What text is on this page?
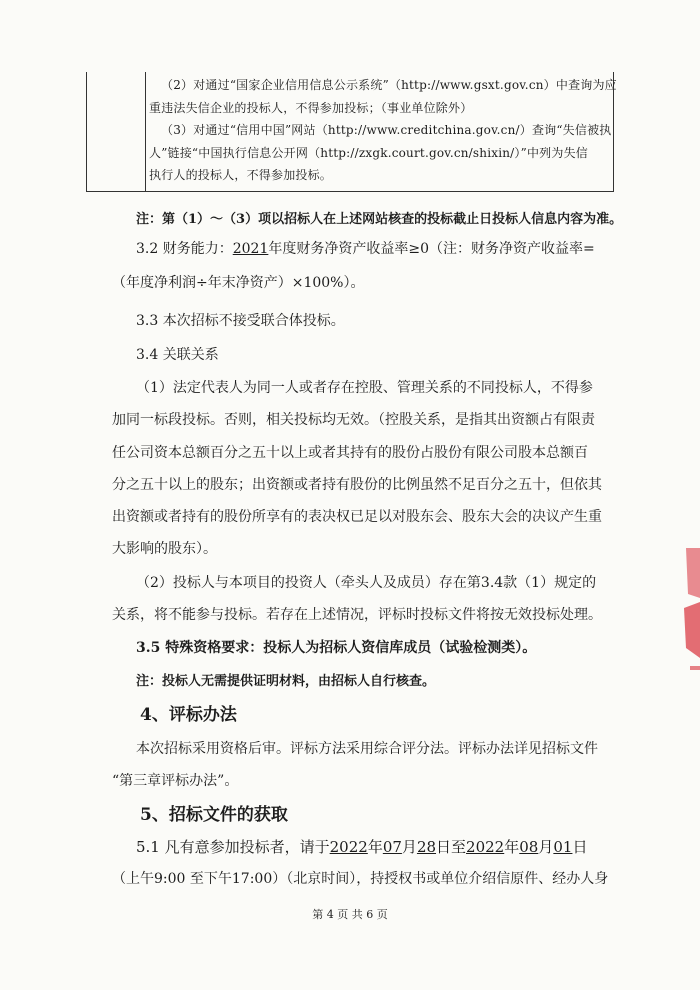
（2）对通过“国家企业信用信息公示系统”（http://www.gsxt.gov.cn）中查询为应
重违法失信企业的投标人，不得参加投标；（事业单位除外）
（3）对通过“信用中国”网站（http://www.creditchina.gov.cn/）查询“失信被执
人”链接“中国执行信息公开网（http://zxgk.court.gov.cn/shixin/）”中列为失信
执行人的投标人，不得参加投标。
注：第（1）～（3）项以招标人在上述网站核查的投标截止日投标人信息内容为准。
3.2 财务能力：2021年度财务净资产收益率≥0（注：财务净资产收益率=
（年度净利润÷年末净资产）×100%）。
3.3 本次招标不接受联合体投标。
3.4 关联关系
（1）法定代表人为同一人或者存在控股、管理关系的不同投标人，不得参
加同一标段投标。否则，相关投标均无效。（控股关系，是指其出资额占有限责
任公司资本总额百分之五十以上或者其持有的股份占股份有限公司股本总额百
分之五十以上的股东；出资额或者持有股份的比例虽然不足百分之五十，但依其
出资额或者持有的股份所享有的表决权已足以对股东会、股东大会的决议产生重
大影响的股东）。
（2）投标人与本项目的投资人（牵头人及成员）存在第3.4款（1）规定的
关系，将不能参与投标。若存在上述情况，评标时投标文件将按无效投标处理。
3.5 特殊资格要求：投标人为招标人资信库成员（试验检测类）。
注：投标人无需提供证明材料，由招标人自行核查。
4、评标办法
本次招标采用资格后审。评标方法采用综合评分法。评标办法详见招标文件
“第三章评标办法”。
5、招标文件的获取
5.1 凡有意参加投标者，请于2022年07月28日至2022年08月01日
（上午9:00 至下午17:00）（北京时间），持授权书或单位介绍信原件、经办人身
第 4 页 共 6 页
